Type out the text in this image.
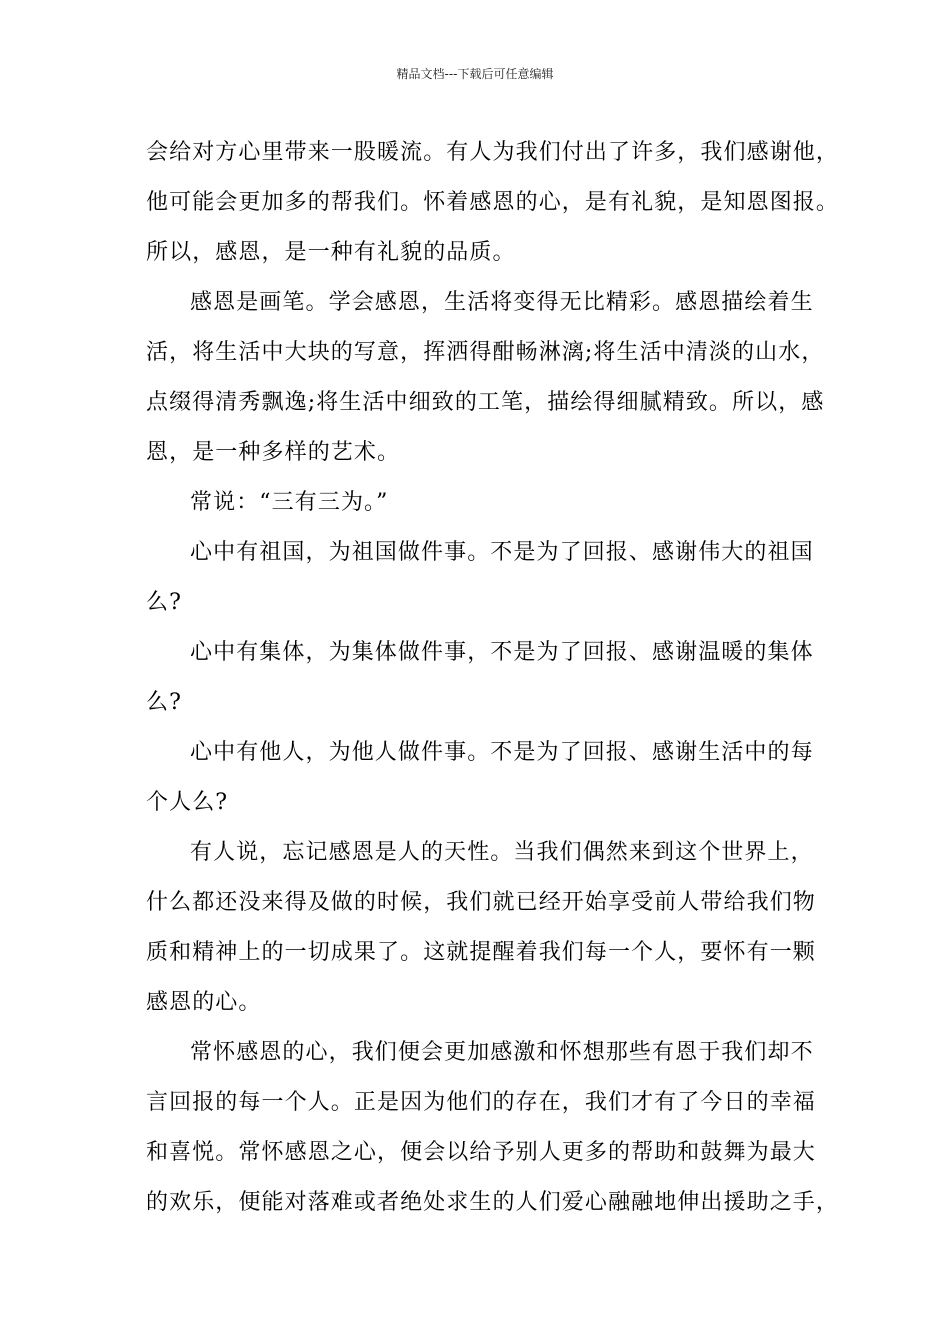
精品文档---下载后可任意编辑
会给对方心里带来一股暖流。有人为我们付出了许多，我们感谢他，
他可能会更加多的帮我们。怀着感恩的心，是有礼貌，是知恩图报。
所以，感恩，是一种有礼貌的品质。
感恩是画笔。学会感恩，生活将变得无比精彩。感恩描绘着生
活，将生活中大块的写意，挥洒得酣畅淋漓;将生活中清淡的山水，
点缀得清秀飘逸;将生活中细致的工笔，描绘得细腻精致。所以，感
恩，是一种多样的艺术。
常说：“三有三为。”
心中有祖国，为祖国做件事。不是为了回报、感谢伟大的祖国
么?
心中有集体，为集体做件事，不是为了回报、感谢温暖的集体
么?
心中有他人，为他人做件事。不是为了回报、感谢生活中的每
个人么?
有人说，忘记感恩是人的天性。当我们偶然来到这个世界上，
什么都还没来得及做的时候，我们就已经开始享受前人带给我们物
质和精神上的一切成果了。这就提醒着我们每一个人，要怀有一颗
感恩的心。
常怀感恩的心，我们便会更加感激和怀想那些有恩于我们却不
言回报的每一个人。正是因为他们的存在，我们才有了今日的幸福
和喜悦。常怀感恩之心，便会以给予别人更多的帮助和鼓舞为最大
的欢乐，便能对落难或者绝处求生的人们爱心融融地伸出援助之手，
